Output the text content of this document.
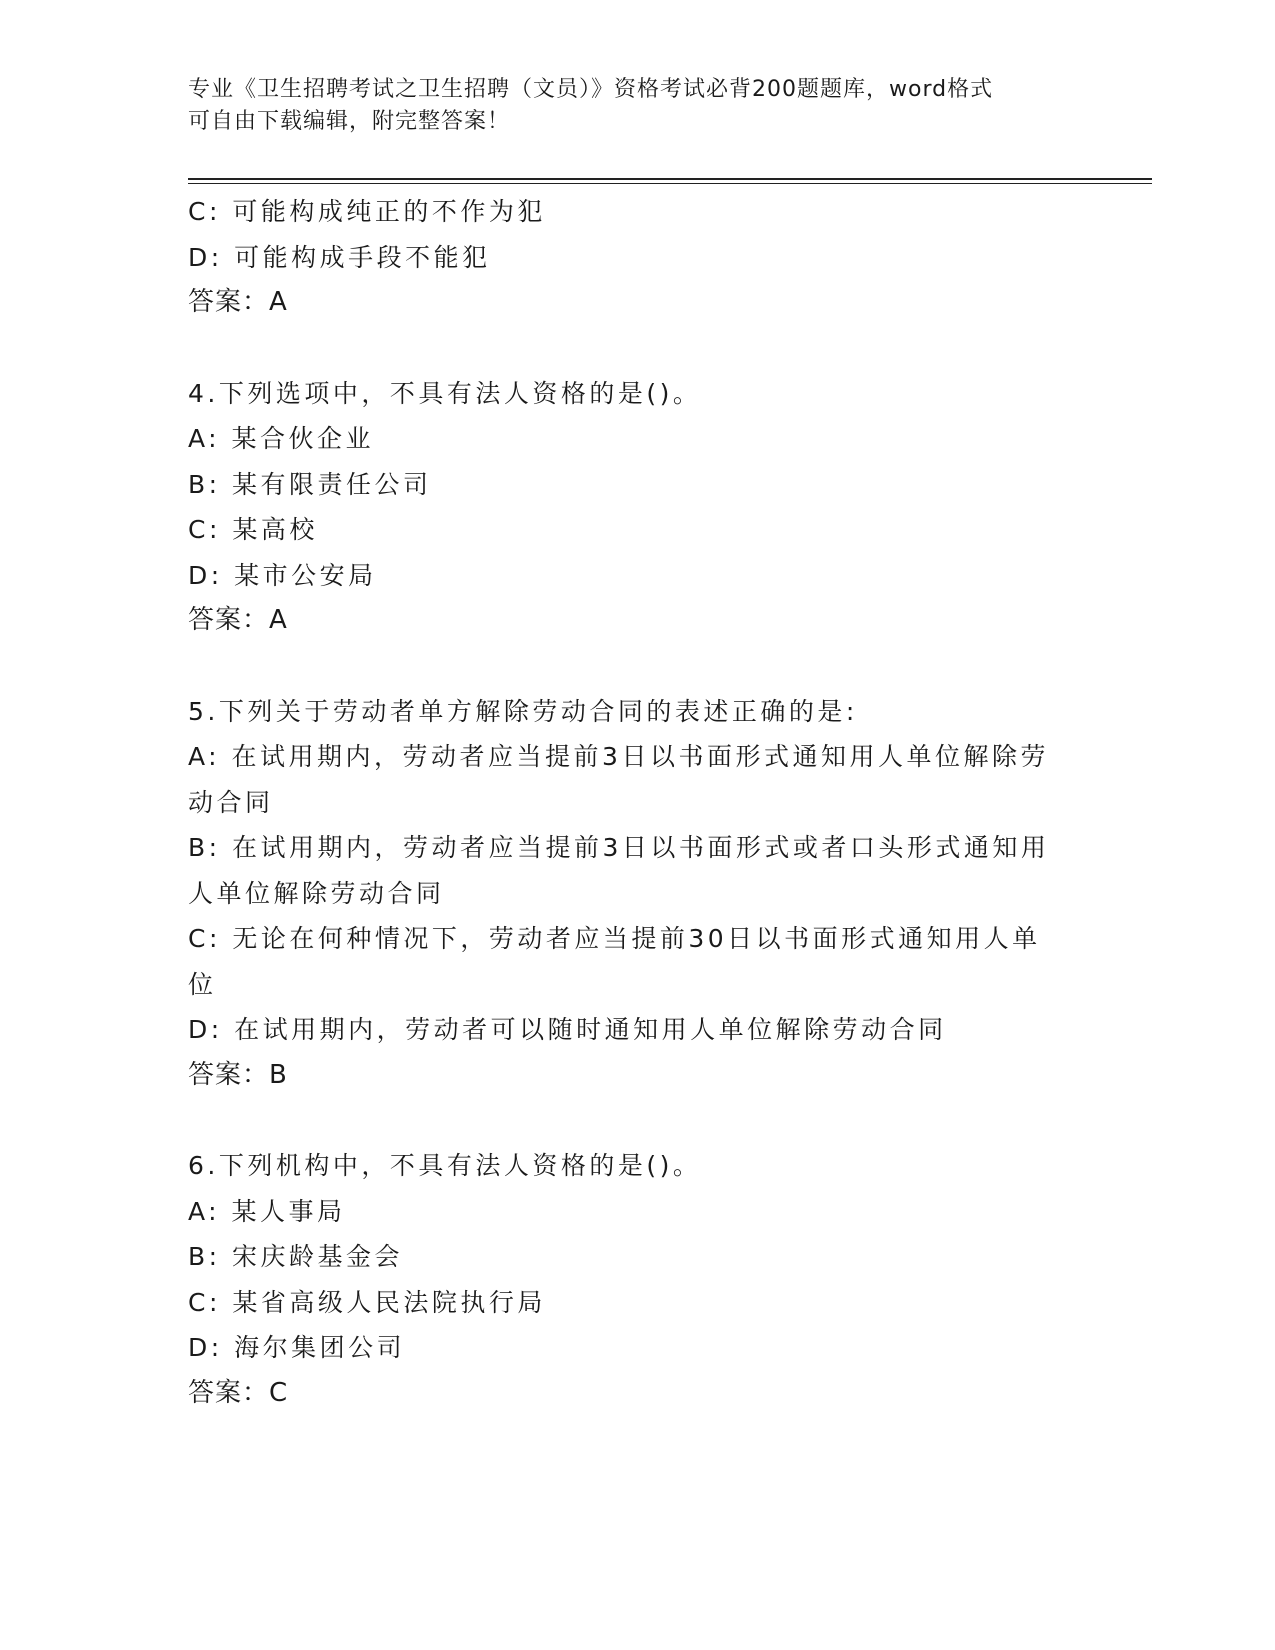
专业《卫生招聘考试之卫生招聘（文员）》资格考试必背200题题库，word格式
可自由下载编辑，附完整答案！
C: 可能构成纯正的不作为犯
D: 可能构成手段不能犯
答案：A
4.下列选项中，不具有法人资格的是()。
A: 某合伙企业
B: 某有限责任公司
C: 某高校
D: 某市公安局
答案：A
5.下列关于劳动者单方解除劳动合同的表述正确的是:
A: 在试用期内，劳动者应当提前3日以书面形式通知用人单位解除劳
动合同
B: 在试用期内，劳动者应当提前3日以书面形式或者口头形式通知用
人单位解除劳动合同
C: 无论在何种情况下，劳动者应当提前30日以书面形式通知用人单
位
D: 在试用期内，劳动者可以随时通知用人单位解除劳动合同
答案：B
6.下列机构中，不具有法人资格的是()。
A: 某人事局
B: 宋庆龄基金会
C: 某省高级人民法院执行局
D: 海尔集团公司
答案：C
